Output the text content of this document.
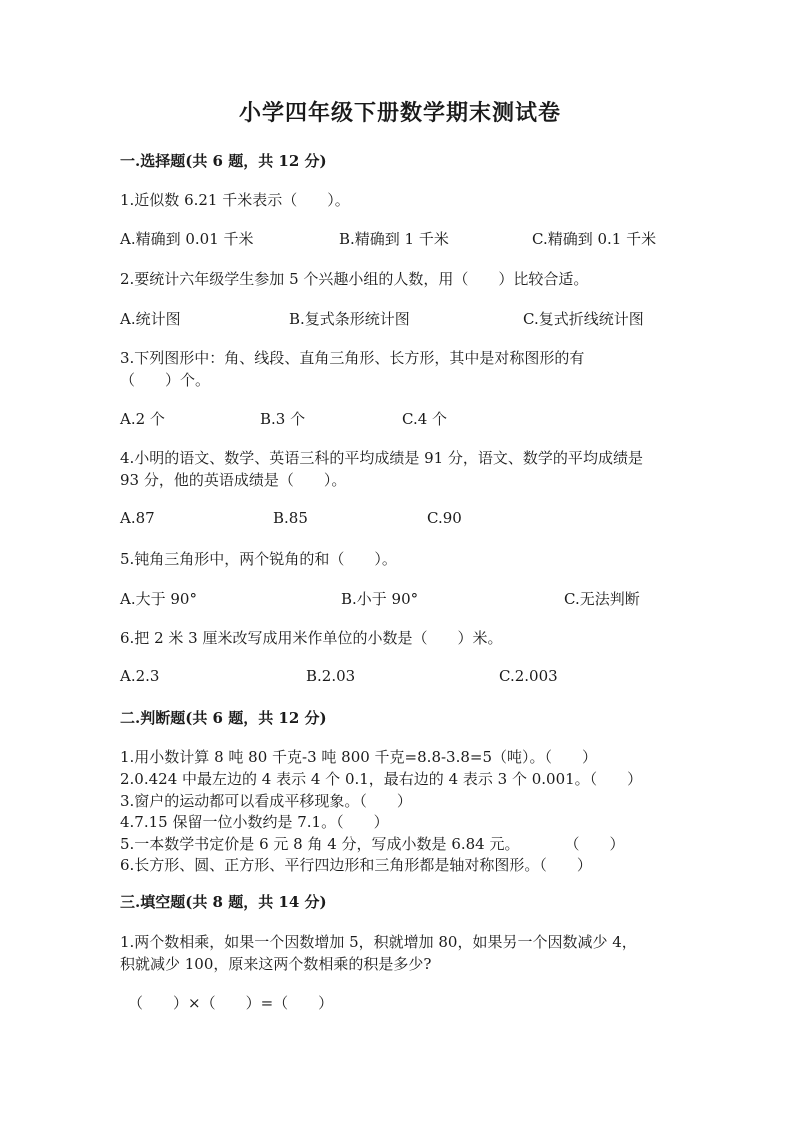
小学四年级下册数学期末测试卷
一.选择题(共 6 题，共 12 分)
1.近似数 6.21 千米表示（　　）。
A.精确到 0.01 千米	B.精确到 1 千米	C.精确到 0.1 千米
2.要统计六年级学生参加 5 个兴趣小组的人数，用（　　）比较合适。
A.统计图	B.复式条形统计图	C.复式折线统计图
3.下列图形中：角、线段、直角三角形、长方形，其中是对称图形的有
（　　）个。
A.2 个	B.3 个	C.4 个
4.小明的语文、数学、英语三科的平均成绩是 91 分，语文、数学的平均成绩是
93 分，他的英语成绩是（　　）。
A.87	B.85	C.90
5.钝角三角形中，两个锐角的和（　　）。
A.大于 90°	B.小于 90°	C.无法判断
6.把 2 米 3 厘米改写成用米作单位的小数是（　　）米。
A.2.3	B.2.03	C.2.003
二.判断题(共 6 题，共 12 分)
1.用小数计算 8 吨 80 千克-3 吨 800 千克=8.8-3.8=5（吨）。（　　）
2.0.424 中最左边的 4 表示 4 个 0.1，最右边的 4 表示 3 个 0.001。（　　）
3.窗户的运动都可以看成平移现象。（　　）
4.7.15 保留一位小数约是 7.1。（　　）
5.一本数学书定价是 6 元 8 角 4 分，写成小数是 6.84 元。　　　　（　　）
6.长方形、圆、正方形、平行四边形和三角形都是轴对称图形。（　　）
三.填空题(共 8 题，共 14 分)
1.两个数相乘，如果一个因数增加 5，积就增加 80，如果另一个因数减少 4，
积就减少 100，原来这两个数相乘的积是多少?
（　　）×（　　）=（　　）
